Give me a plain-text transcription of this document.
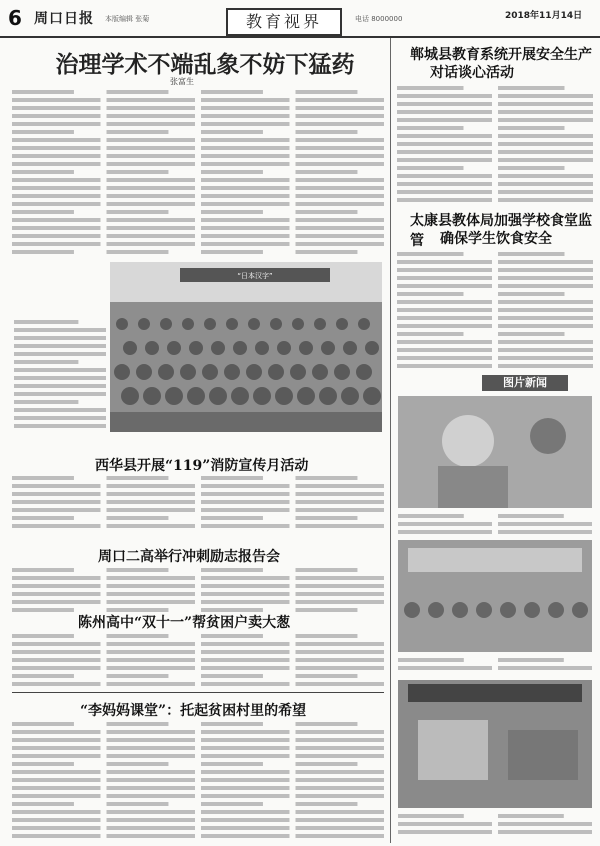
6 周口日报 本版编辑 张菊	教育视界	电话 8000000	2018年11月14日
治理学术不端乱象不妨下猛药
张富生
“日本汉字”
西华县开展“119”消防宣传月活动
周口二高举行冲刺励志报告会
陈州高中“双十一”帮贫困户卖大葱
“李妈妈课堂”：托起贫困村里的希望
郸城县教育系统开展安全生产
对话谈心活动
太康县教体局加强学校食堂监管	确保学生饮食安全
图片新闻
